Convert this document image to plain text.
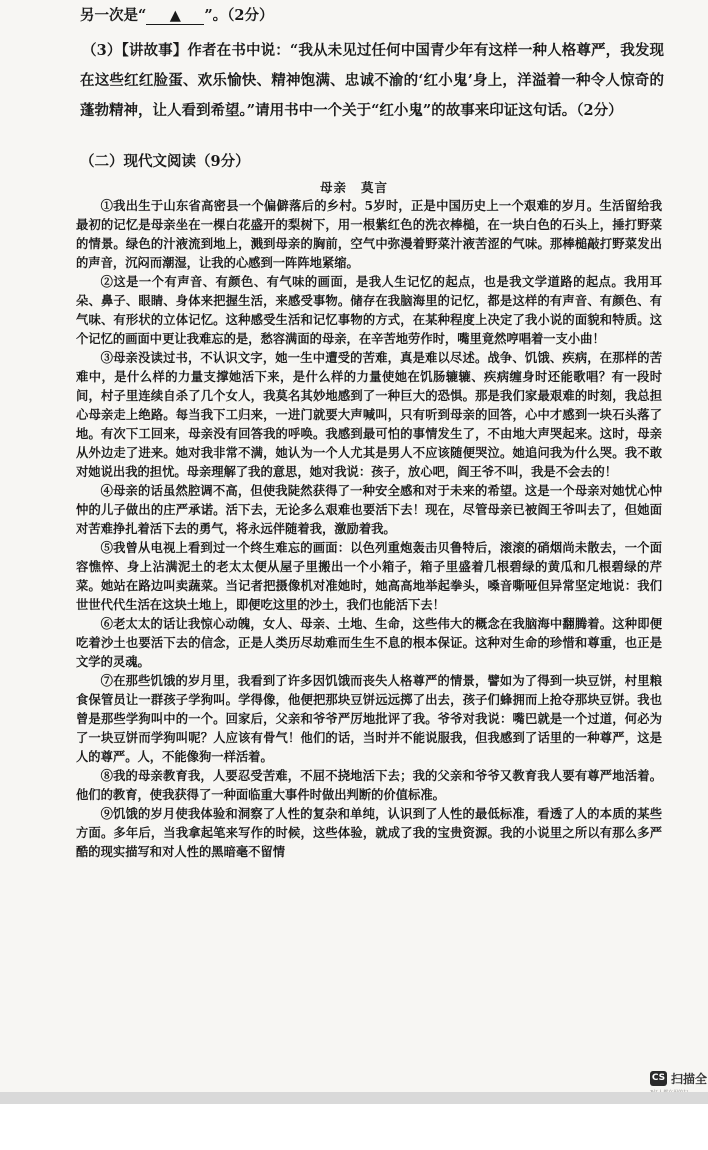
另一次是“ ▲ ”。（2分）
（3）【讲故事】作者在书中说：“我从未见过任何中国青少年有这样一种人格尊严，我发现在这些红红脸蛋、欢乐愉快、精神饱满、忠诚不渝的‘红小鬼’身上，洋溢着一种令人惊奇的蓬勃精神，让人看到希望。”请用书中一个关于“红小鬼”的故事来印证这句话。（2分）
（二）现代文阅读（9分）
母亲 莫言

①我出生于山东省高密县一个偏僻落后的乡村。5岁时，正是中国历史上一个艰难的岁月。生活留给我最初的记忆是母亲坐在一棵白花盛开的梨树下，用一根紫红色的洗衣棒槌，在一块白色的石头上，捶打野菜的情景。绿色的汁液流到地上，溅到母亲的胸前，空气中弥漫着野菜汁液苦涩的气味。那棒槌敲打野菜发出的声音，沉闷而潮湿，让我的心感到一阵阵地紧缩。

②这是一个有声音、有颜色、有气味的画面，是我人生记忆的起点，也是我文学道路的起点。我用耳朵、鼻子、眼睛、身体来把握生活，来感受事物。储存在我脑海里的记忆，都是这样的有声音、有颜色、有气味、有形状的立体记忆。这种感受生活和记忆事物的方式，在某种程度上决定了我小说的面貌和特质。这个记忆的画面中更让我难忘的是，愁容满面的母亲，在辛苦地劳作时，嘴里竟然哼唱着一支小曲！

③母亲没读过书，不认识文字，她一生中遭受的苦难，真是难以尽述。战争、饥饿、疾病，在那样的苦难中，是什么样的力量支撑她活下来，是什么样的力量使她在饥肠辘辘、疾病缠身时还能歌唱？有一段时间，村子里连续自杀了几个女人，我莫名其妙地感到了一种巨大的恐惧。那是我们家最艰难的时刻，我总担心母亲走上绝路。每当我下工归来，一进门就要大声喊叫，只有听到母亲的回答，心中才感到一块石头落了地。有次下工回来，母亲没有回答我的呼唤。我感到最可怕的事情发生了，不由地大声哭起来。这时，母亲从外边走了进来。她对我非常不满，她认为一个人尤其是男人不应该随便哭泣。她追问我为什么哭。我不敢对她说出我的担忧。母亲理解了我的意思，她对我说：孩子，放心吧，阎王爷不叫，我是不会去的！

④母亲的话虽然腔调不高，但使我陡然获得了一种安全感和对于未来的希望。这是一个母亲对她忧心忡忡的儿子做出的庄严承诺。活下去，无论多么艰难也要活下去！现在，尽管母亲已被阎王爷叫去了，但她面对苦难挣扎着活下去的勇气，将永远伴随着我，激励着我。

⑤我曾从电视上看到过一个终生难忘的画面：以色列重炮轰击贝鲁特后，滚滚的硝烟尚未散去，一个面容憔悴、身上沾满泥土的老太太便从屋子里搬出一个小箱子，箱子里盛着几根碧绿的黄瓜和几根碧绿的芹菜。她站在路边叫卖蔬菜。当记者把摄像机对准她时，她高高地举起拳头，嗓音嘶哑但异常坚定地说：我们世世代代生活在这块土地上，即便吃这里的沙土，我们也能活下去！

⑥老太太的话让我惊心动魄，女人、母亲、土地、生命，这些伟大的概念在我脑海中翻腾着。这种即便吃着沙土也要活下去的信念，正是人类历尽劫难而生生不息的根本保证。这种对生命的珍惜和尊重，也正是文学的灵魂。

⑦在那些饥饿的岁月里，我看到了许多因饥饿而丧失人格尊严的情景，譬如为了得到一块豆饼，村里粮食保管员让一群孩子学狗叫。学得像，他便把那块豆饼远远掷了出去，孩子们蜂拥而上抢夺那块豆饼。我也曾是那些学狗叫中的一个。回家后，父亲和爷爷严厉地批评了我。爷爷对我说：嘴巴就是一个过道，何必为了一块豆饼而学狗叫呢？人应该有骨气！他们的话，当时并不能说服我，但我感到了话里的一种尊严，这是人的尊严。人，不能像狗一样活着。

⑧我的母亲教育我，人要忍受苦难，不屈不挠地活下去；我的父亲和爷爷又教育我人要有尊严地活着。他们的教育，使我获得了一种面临重大事件时做出判断的价值标准。

⑨饥饿的岁月使我体验和洞察了人性的复杂和单纯，认识到了人性的最低标准，看透了人的本质的某些方面。多年后，当我拿起笔来写作的时候，这些体验，就成了我的宝贵资源。我的小说里之所以有那么多严酷的现实描写和对人性的黑暗毫不留情

CS 扫描全
